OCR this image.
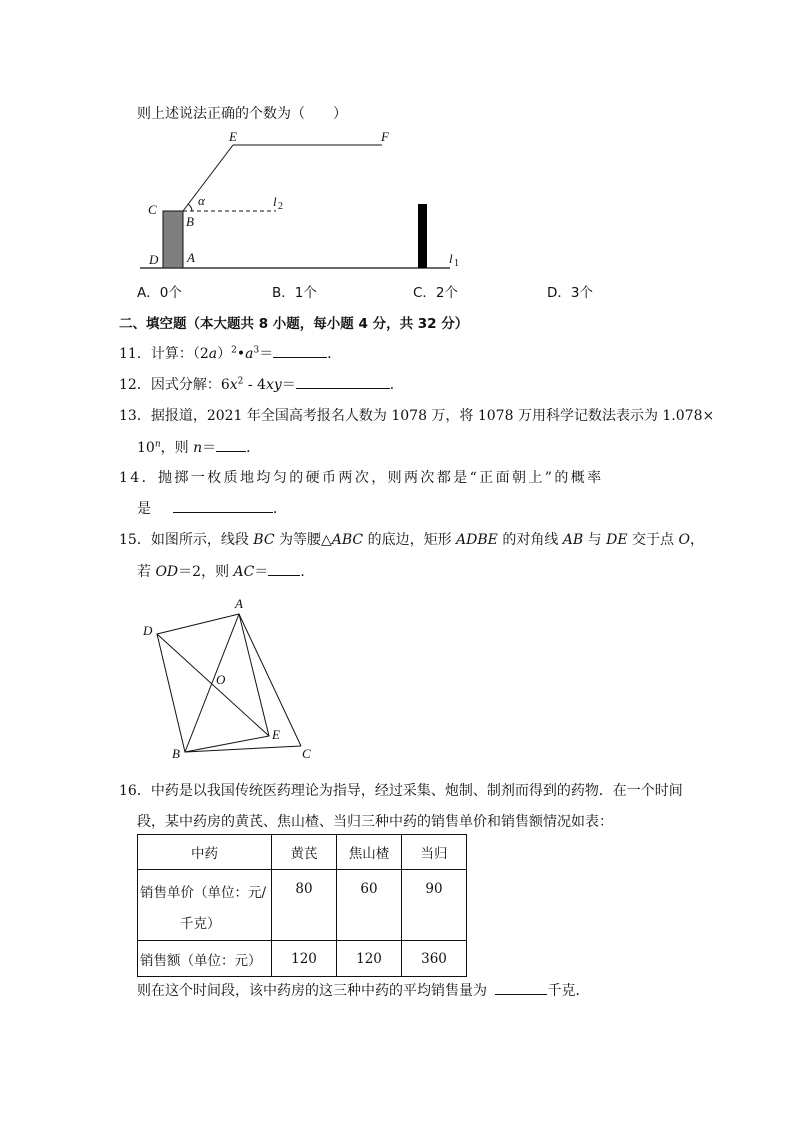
则上述说法正确的个数为（　　）
E	F
C
B
α	l 2
D A	l 1
A．0个	B．1个	C．2个	D．3个
二、填空题（本大题共 8 小题，每小题 4 分，共 32 分）
11．计算：$(2a)^2•a^3=$	．
12．因式分解：$6x^2 - 4xy=$	．
13．据报道，2021 年全国高考报名人数为 1078 万，将 1078 万用科学记数法表示为 1.078×
$10^n$，则 n＝ ．
14．抛掷一枚质地均匀的硬币两次，则两次都是“正面朝上”的概率
是	．
15．如图所示，线段 BC 为等腰△ABC 的底边，矩形 ADBE 的对角线 AB 与 DE 交于点 O，
若 OD＝2，则 AC＝ ．
A
D
O
E
B	C
16．中药是以我国传统医药理论为指导，经过采集、炮制、制剂而得到的药物．在一个时间
段，某中药房的黄芪、焦山楂、当归三种中药的销售单价和销售额情况如表：
中药	黄芪	焦山楂	当归

销售单价（单位：元/
千克）	80	60	90
销售额（单位：元）	120	120	360
则在这个时间段，该中药房的这三种中药的平均销售量为	千克．
